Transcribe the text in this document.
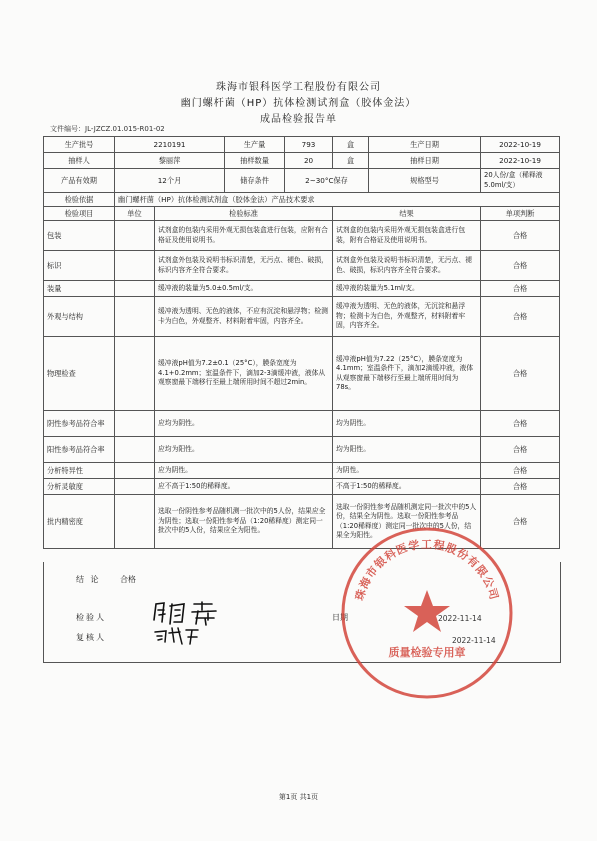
珠海市银科医学工程股份有限公司
幽门螺杆菌（HP）抗体检测试剂盒（胶体金法）
成品检验报告单
文件编号：JL-JZCZ.01.015-R01-02
生产批号	2210191		生产量	793	盒	生产日期	2022-10-19
抽样人	黎丽萍		抽样数量	20	盒	抽样日期	2022-10-19
产品有效期	12个月		储存条件	2~30°C保存		规格型号	20人份/盒（稀释液5.0ml/支）
检验依据	幽门螺杆菌（HP）抗体检测试剂盒（胶体金法）产品技术要求						
检验项目	单位	检验标准			结果		单项判断
包装		试剂盒的包装内采用外观无损包装盒进行包装，应附有合格证及使用说明书。			试剂盒的包装内采用外观无损包装盒进行包装，附有合格证及使用说明书。		合格
标识		试剂盒外包装及说明书标识清楚，无污点、褪色、破损，标识内容齐全符合要求。			试剂盒外包装及说明书标识清楚，无污点、褪色、破损，标识内容齐全符合要求。		合格
装量		缓冲液的装量为5.0±0.5ml/支。			缓冲液的装量为5.1ml/支。		合格
外观与结构		缓冲液为透明、无色的液体，不应有沉淀和悬浮物；检测卡为白色，外观整齐、材料附着牢固，内容齐全。			缓冲液为透明、无色的液体，无沉淀和悬浮物；检测卡为白色，外观整齐，材料附着牢固，内容齐全。		合格
物理检查		缓冲液pH值为7.2±0.1（25°C），膜条宽度为4.1+0.2mm；室温条件下，滴加2-3滴缓冲液，液体从观察窗最下端移行至最上端所用时间不超过2min。			缓冲液pH值为7.22（25°C），膜条宽度为4.1mm；室温条件下，滴加2滴缓冲液，液体从观察窗最下端移行至最上端所用时间为78s。		合格
阴性参考品符合率		应均为阴性。			均为阴性。		合格
阳性参考品符合率		应均为阳性。			均为阳性。		合格
分析特异性		应为阴性。			为阴性。		合格
分析灵敏度		应不高于1:50的稀释度。			不高于1:50的稀释度。		合格
批内精密度		选取一份阴性参考品随机测一批次中的5人份，结果应全为阴性；选取一份阳性参考品（1:20稀释度）测定同一批次中的5人份，结果应全为阳性。			选取一份阴性参考品随机测定同一批次中的5人份，结果全为阴性。选取一份阳性参考品（1:20稀释度）测定同一批次中的5人份，结果全为阳性。		合格
结 论 合格
检验人
复核人
日期	2022-11-14
2022-11-14
珠海市银科医学工程股份有限公司
质量检验专用章
第1页 共1页
